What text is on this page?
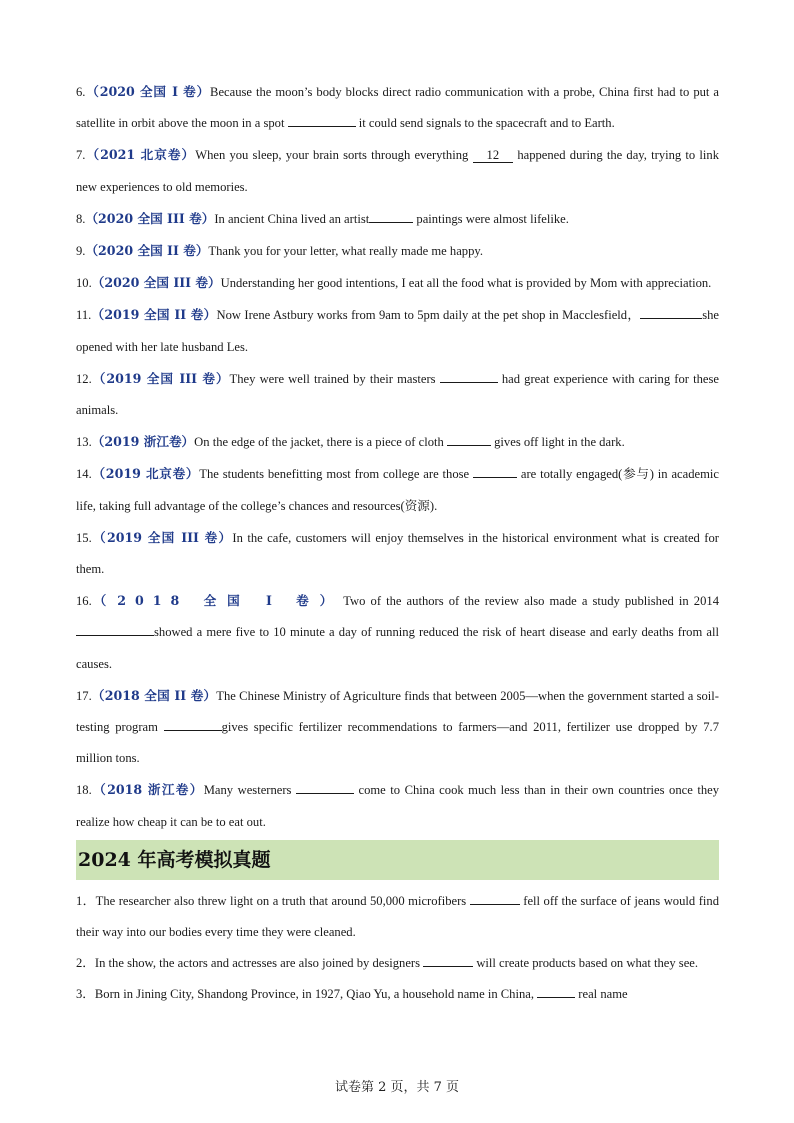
6.（2020 全国 I 卷）Because the moon’s body blocks direct radio communication with a probe, China first had to put a satellite in orbit above the moon in a spot	it could send signals to the spacecraft and to Earth.
7.（2021 北京卷）When you sleep, your brain sorts through everything 12 happened during the day, trying to link new experiences to old memories.
8.（2020 全国 III 卷）In ancient China lived an artist	paintings were almost lifelike.
9.（2020 全国 II 卷）Thank you for your letter, what really made me happy.
10.（2020 全国 III 卷）Understanding her good intentions, I eat all the food what is provided by Mom with appreciation.
11.（2019 全国 II 卷）Now Irene Astbury works from 9am to 5pm daily at the pet shop in Macclesfield，	she opened with her late husband Les.
12.（2019 全国 III 卷）They were well trained by their masters	had great experience with caring for these animals.
13.（2019 浙江卷）On the edge of the jacket, there is a piece of cloth	gives off light in the dark.
14.（2019 北京卷）The students benefitting most from college are those	are totally engaged(参与) in academic life, taking full advantage of the college’s chances and resources(资源).
15.（2019 全国 III 卷）In the cafe, customers will enjoy themselves in the historical environment what is created for them.
16.（2018 全国 I 卷）Two of the authors of the review also made a study published in 2014 showed a mere five to 10 minute a day of running reduced the risk of heart disease and early deaths from all causes.
17.（2018 全国 II 卷）The Chinese Ministry of Agriculture finds that between 2005—when the government started a soil-testing program	gives specific fertilizer recommendations to farmers—and 2011, fertilizer use dropped by 7.7 million tons.
18.（2018 浙江卷）Many westerners	come to China cook much less than in their own countries once they realize how cheap it can be to eat out.
2024 年高考模拟真题
1．The researcher also threw light on a truth that around 50,000 microfibers	fell off the surface of jeans would find their way into our bodies every time they were cleaned.
2．In the show, the actors and actresses are also joined by designers	will create products based on what they see.
3．Born in Jining City, Shandong Province, in 1927, Qiao Yu, a household name in China,	real name
试卷第 2 页，共 7 页
